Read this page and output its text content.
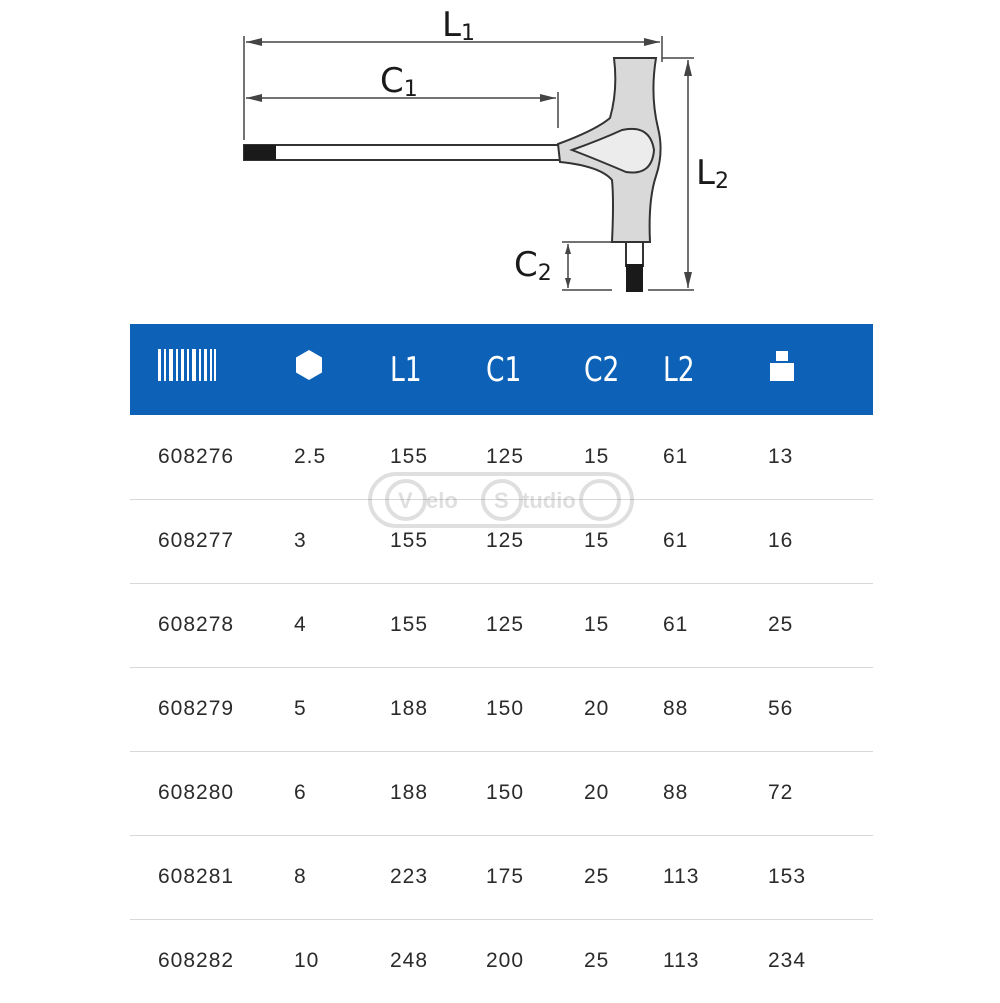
L1
C1
L2
C2
		L1	C1	C2	L2	
608276	2.5	155	125	15	61	13
608277	3	155	125	15	61	16
608278	4	155	125	15	61	25
608279	5	188	150	20	88	56
608280	6	188	150	20	88	72
608281	8	223	175	25	113	153
608282	10	248	200	25	113	234
V elo S tudio
